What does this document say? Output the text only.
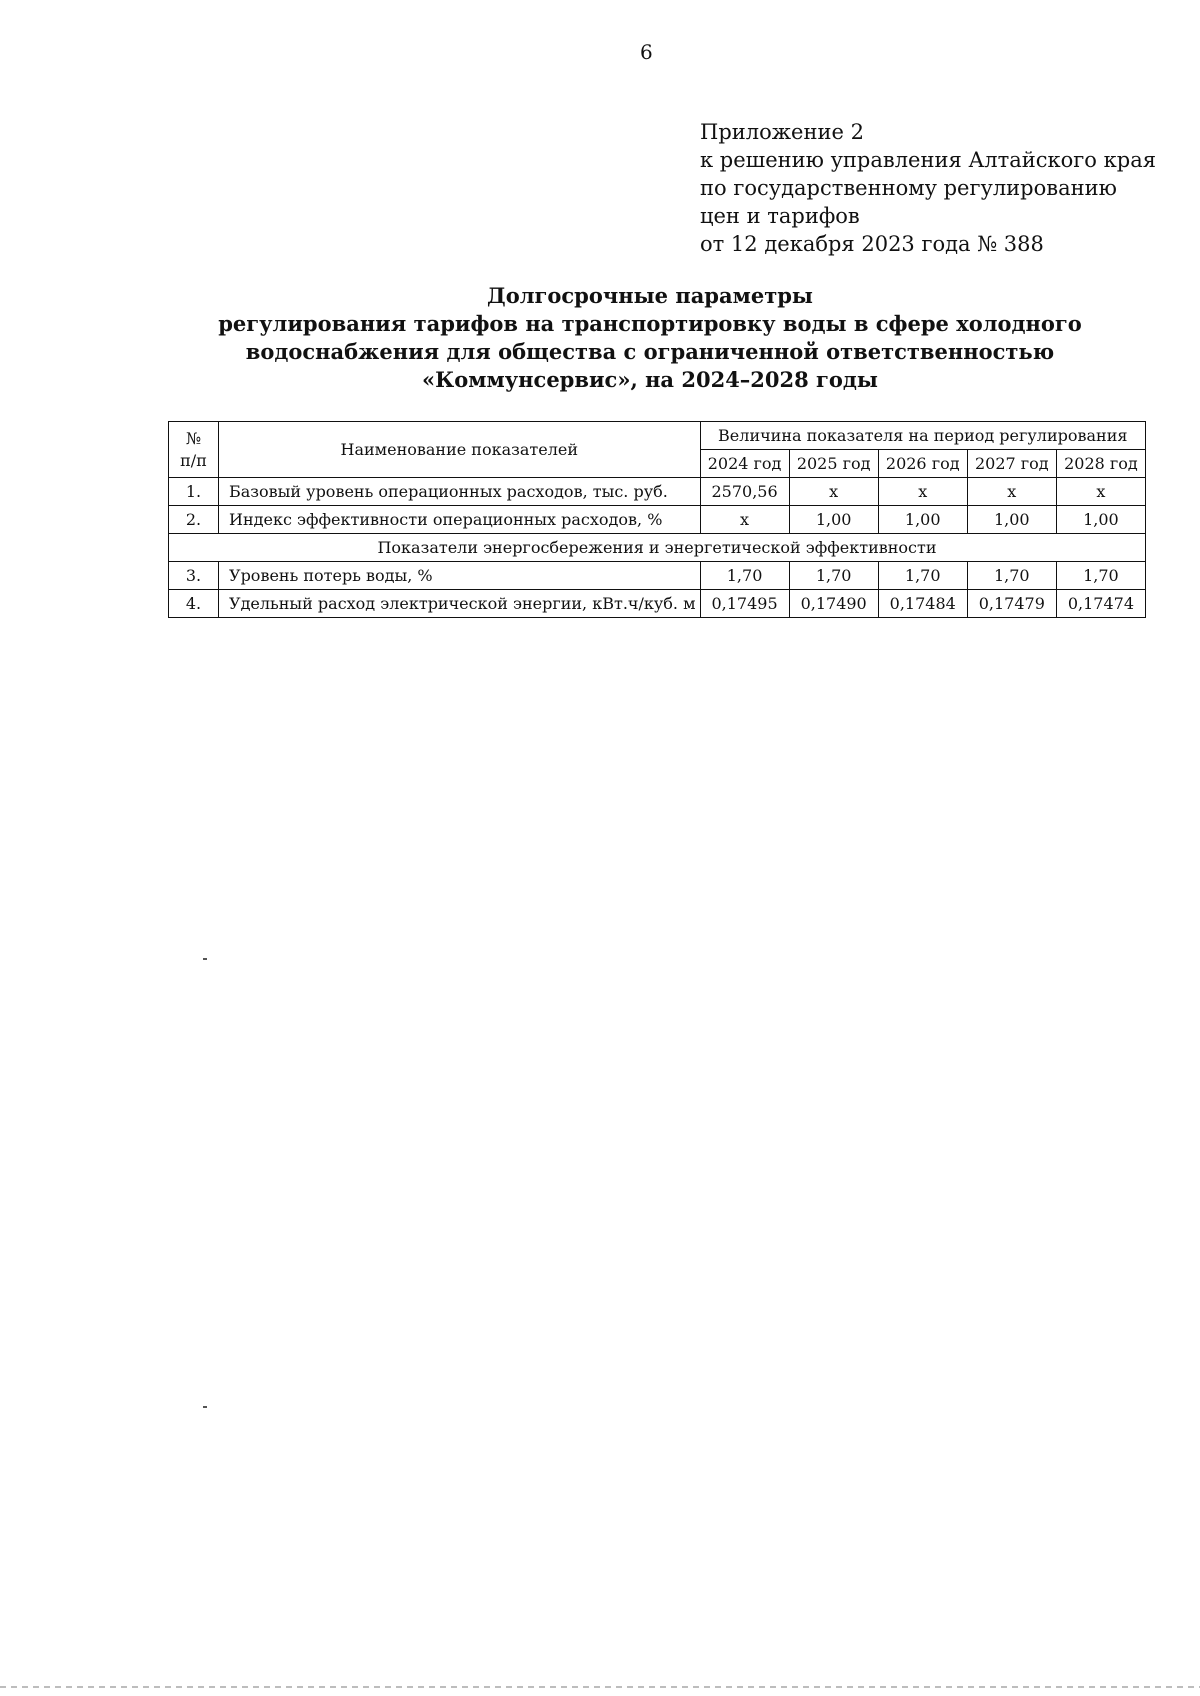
6
Приложение 2
к решению управления Алтайского края
по государственному регулированию
цен и тарифов
от 12 декабря 2023 года № 388
Долгосрочные параметры
регулирования тарифов на транспортировку воды в сфере холодного
водоснабжения для общества с ограниченной ответственностью
«Коммунсервис», на 2024–2028 годы
№
п/п	Наименование показателей	Величина показателя на период регулирования				
		2024 год	2025 год	2026 год	2027 год	2028 год
1.	Базовый уровень операционных расходов, тыс. руб.	2570,56	х	х	х	х
2.	Индекс эффективности операционных расходов, %	х	1,00	1,00	1,00	1,00
Показатели энергосбережения и энергетической эффективности						
3.	Уровень потерь воды, %	1,70	1,70	1,70	1,70	1,70
4.	Удельный расход электрической энергии, кВт.ч/куб. м	0,17495	0,17490	0,17484	0,17479	0,17474
